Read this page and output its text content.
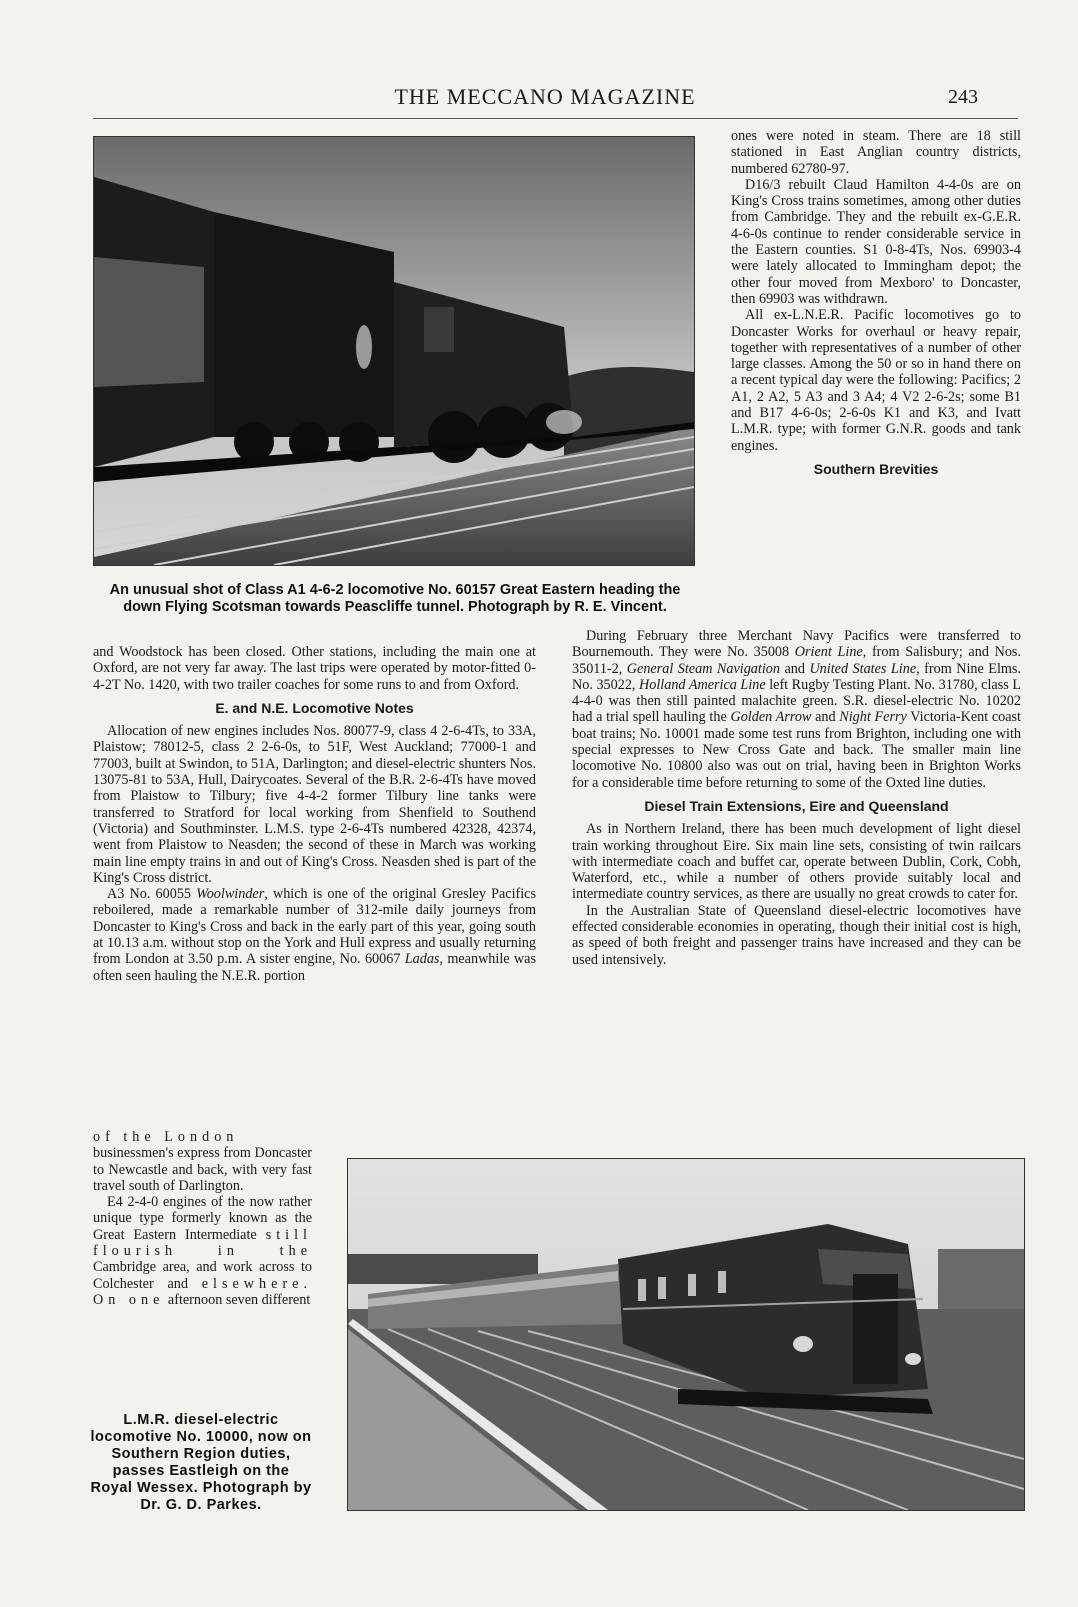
THE MECCANO MAGAZINE	243
An unusual shot of Class A1 4-6-2 locomotive No. 60157 Great Eastern heading the down Flying Scotsman towards Peascliffe tunnel. Photograph by R. E. Vincent.

ones were noted in steam. There are 18 still stationed in East Anglian country districts, numbered 62780-97.

D16/3 rebuilt Claud Hamilton 4-4-0s are on King's Cross trains sometimes, among other duties from Cambridge. They and the rebuilt ex-G.E.R. 4-6-0s continue to render considerable service in the Eastern counties. S1 0-8-4Ts, Nos. 69903-4 were lately allocated to Immingham depot; the other four moved from Mexboro' to Doncaster, then 69903 was withdrawn.

All ex-L.N.E.R. Pacific locomotives go to Doncaster Works for overhaul or heavy repair, together with representatives of a number of other large classes. Among the 50 or so in hand there on a recent typical day were the following: Pacifics; 2 A1, 2 A2, 5 A3 and 3 A4; 4 V2 2-6-2s; some B1 and B17 4-6-0s; 2-6-0s K1 and K3, and Ivatt L.M.R. type; with former G.N.R. goods and tank engines.

Southern Brevities

and Woodstock has been closed. Other stations, including the main one at Oxford, are not very far away. The last trips were operated by motor-fitted 0-4-2T No. 1420, with two trailer coaches for some runs to and from Oxford.

E. and N.E. Locomotive Notes

Allocation of new engines includes Nos. 80077-9, class 4 2-6-4Ts, to 33A, Plaistow; 78012-5, class 2 2-6-0s, to 51F, West Auckland; 77000-1 and 77003, built at Swindon, to 51A, Darlington; and diesel-electric shunters Nos. 13075-81 to 53A, Hull, Dairycoates. Several of the B.R. 2-6-4Ts have moved from Plaistow to Tilbury; five 4-4-2 former Tilbury line tanks were transferred to Stratford for local working from Shenfield to Southend (Victoria) and Southminster. L.M.S. type 2-6-4Ts numbered 42328, 42374, went from Plaistow to Neasden; the second of these in March was working main line empty trains in and out of King's Cross. Neasden shed is part of the King's Cross district.

A3 No. 60055 Woolwinder, which is one of the original Gresley Pacifics reboilered, made a remarkable number of 312-mile daily journeys from Doncaster to King's Cross and back in the early part of this year, going south at 10.13 a.m. without stop on the York and Hull express and usually returning from London at 3.50 p.m. A sister engine, No. 60067 Ladas, meanwhile was often seen hauling the N.E.R. portion

of the London

businessmen's express from Doncaster to Newcastle and back, with very fast travel south of Darlington.

E4 2-4-0 engines of the now rather unique type formerly known as the Great Eastern Intermediate still flourish in the Cambridge area, and work across to Colchester and elsewhere. On one afternoon seven different

During February three Merchant Navy Pacifics were transferred to Bournemouth. They were No. 35008 Orient Line, from Salisbury; and Nos. 35011-2, General Steam Navigation and United States Line, from Nine Elms. No. 35022, Holland America Line left Rugby Testing Plant. No. 31780, class L 4-4-0 was then still painted malachite green. S.R. diesel-electric No. 10202 had a trial spell hauling the Golden Arrow and Night Ferry Victoria-Kent coast boat trains; No. 10001 made some test runs from Brighton, including one with special expresses to New Cross Gate and back. The smaller main line locomotive No. 10800 also was out on trial, having been in Brighton Works for a considerable time before returning to some of the Oxted line duties.

Diesel Train Extensions, Eire and Queensland

As in Northern Ireland, there has been much development of light diesel train working throughout Eire. Six main line sets, consisting of twin railcars with intermediate coach and buffet car, operate between Dublin, Cork, Cobh, Waterford, etc., while a number of others provide suitably local and intermediate country services, as there are usually no great crowds to cater for.

In the Australian State of Queensland diesel-electric locomotives have effected considerable economies in operating, though their initial cost is high, as speed of both freight and passenger trains have increased and they can be used intensively.

L.M.R. diesel-electric locomotive No. 10000, now on Southern Region duties, passes Eastleigh on the Royal Wessex. Photograph by Dr. G. D. Parkes.
